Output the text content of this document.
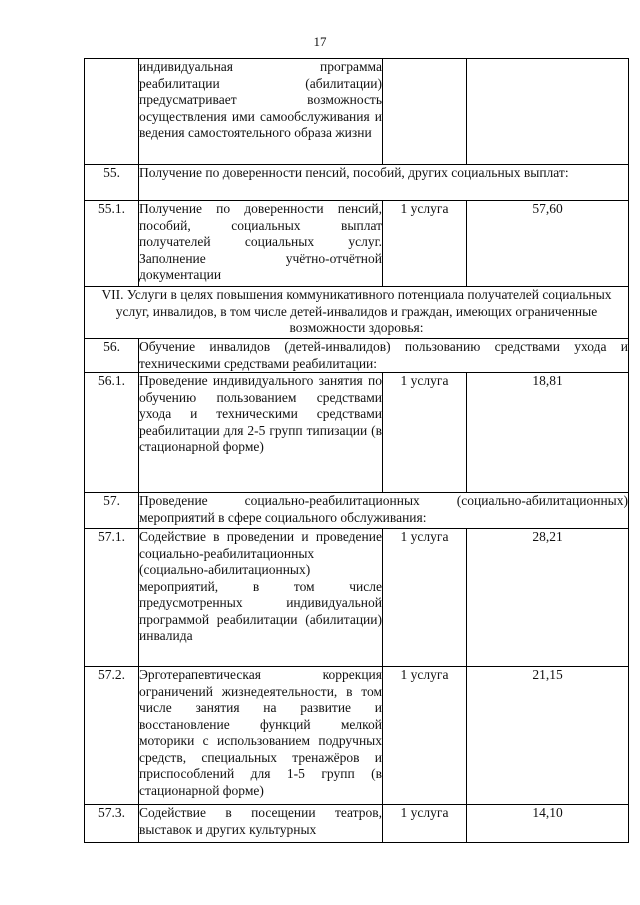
17

	индивидуальная программа реабилитации (абилитации) предусматривает возможность осуществления ими самообслуживания и ведения самостоятельного образа жизни		

55.	Получение по доверенности пенсий, пособий, других социальных выплат:		
55.1.	Получение по доверенности пенсий, пособий, социальных выплат получателей социальных услуг. Заполнение учётно-отчётной документации	1 услуга	57,60
VII. Услуги в целях повышения коммуникативного потенциала получателей социальных услуг, инвалидов, в том числе детей-инвалидов и граждан, имеющих ограниченные возможности здоровья:			
56.	Обучение инвалидов (детей-инвалидов) пользованию средствами ухода и техническими средствами реабилитации:		
56.1.	Проведение индивидуального занятия по обучению пользованием средствами ухода и техническими средствами реабилитации для 2-5 групп типизации (в стационарной форме)	1 услуга	18,81
57.	Проведение социально-реабилитационных (социально-абилитационных) мероприятий в сфере социального обслуживания:		
57.1.	Содействие в проведении и проведение социально-реабилитационных (социально-абилитационных) мероприятий, в том числе предусмотренных индивидуальной программой реабилитации (абилитации) инвалида	1 услуга	28,21
57.2.	Эрготерапевтическая коррекция ограничений жизнедеятельности, в том числе занятия на развитие и восстановление функций мелкой моторики с использованием подручных средств, специальных тренажёров и приспособлений для 1-5 групп (в стационарной форме)	1 услуга	21,15
57.3.	Содействие в посещении театров, выставок и других культурных	1 услуга	14,10
